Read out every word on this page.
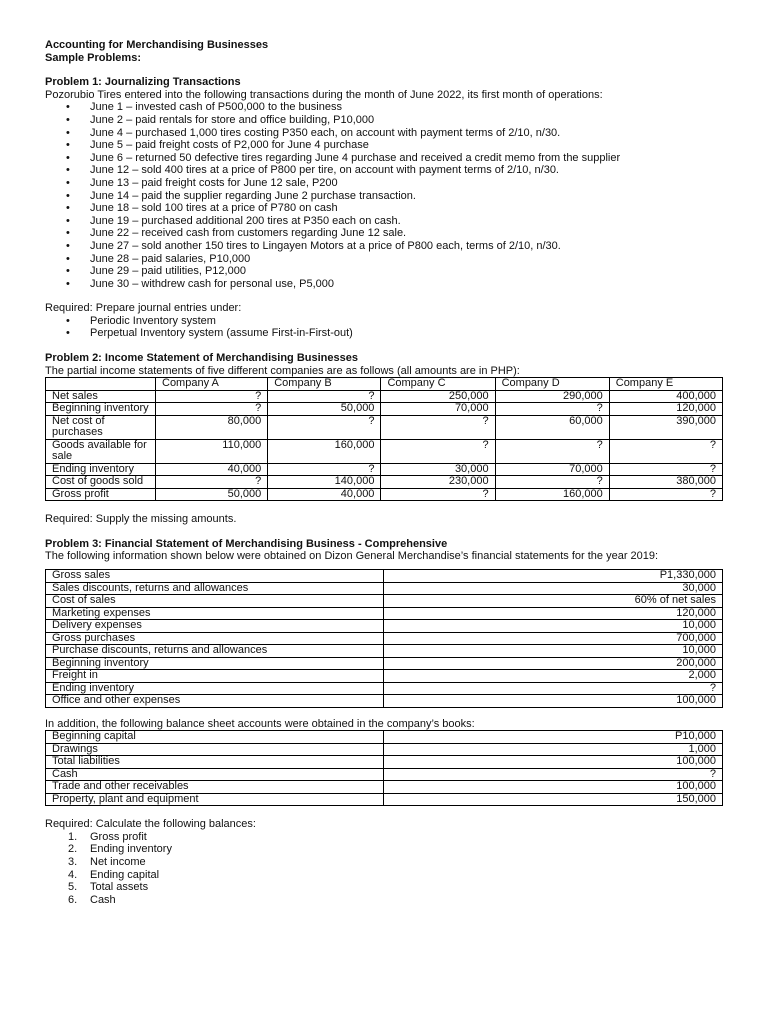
Accounting for Merchandising Businesses
Sample Problems:
Problem 1: Journalizing Transactions
Pozorubio Tires entered into the following transactions during the month of June 2022, its first month of operations:
• June 1 – invested cash of P500,000 to the business
• June 2 – paid rentals for store and office building, P10,000
• June 4 – purchased 1,000 tires costing P350 each, on account with payment terms of 2/10, n/30.
• June 5 – paid freight costs of P2,000 for June 4 purchase
• June 6 – returned 50 defective tires regarding June 4 purchase and received a credit memo from the supplier
• June 12 – sold 400 tires at a price of P800 per tire, on account with payment terms of 2/10, n/30.
• June 13 – paid freight costs for June 12 sale, P200
• June 14 – paid the supplier regarding June 2 purchase transaction.
• June 18 – sold 100 tires at a price of P780 on cash
• June 19 – purchased additional 200 tires at P350 each on cash.
• June 22 – received cash from customers regarding June 12 sale.
• June 27 – sold another 150 tires to Lingayen Motors at a price of P800 each, terms of 2/10, n/30.
• June 28 – paid salaries, P10,000
• June 29 – paid utilities, P12,000
• June 30 – withdrew cash for personal use, P5,000
Required: Prepare journal entries under:
• Periodic Inventory system
• Perpetual Inventory system (assume First-in-First-out)
Problem 2: Income Statement of Merchandising Businesses
The partial income statements of five different companies are as follows (all amounts are in PHP):
	Company A	Company B	Company C	Company D	Company E
Net sales	?	?	250,000	290,000	400,000
Beginning inventory	?	50,000	70,000	?	120,000
Net cost of purchases	80,000	?	?	60,000	390,000
Goods available for sale	110,000	160,000	?	?	?
Ending inventory	40,000	?	30,000	70,000	?
Cost of goods sold	?	140,000	230,000	?	380,000
Gross profit	50,000	40,000	?	160,000	?
Required: Supply the missing amounts.
Problem 3: Financial Statement of Merchandising Business - Comprehensive
The following information shown below were obtained on Dizon General Merchandise’s financial statements for the year 2019:
Gross sales	P1,330,000
Sales discounts, returns and allowances	30,000
Cost of sales	60% of net sales
Marketing expenses	120,000
Delivery expenses	10,000
Gross purchases	700,000
Purchase discounts, returns and allowances	10,000
Beginning inventory	200,000
Freight in	2,000
Ending inventory	?
Office and other expenses	100,000
In addition, the following balance sheet accounts were obtained in the company’s books:
Beginning capital	P10,000
Drawings	1,000
Total liabilities	100,000
Cash	?
Trade and other receivables	100,000
Property, plant and equipment	150,000
Required: Calculate the following balances:
1. Gross profit
2. Ending inventory
3. Net income
4. Ending capital
5. Total assets
6. Cash
